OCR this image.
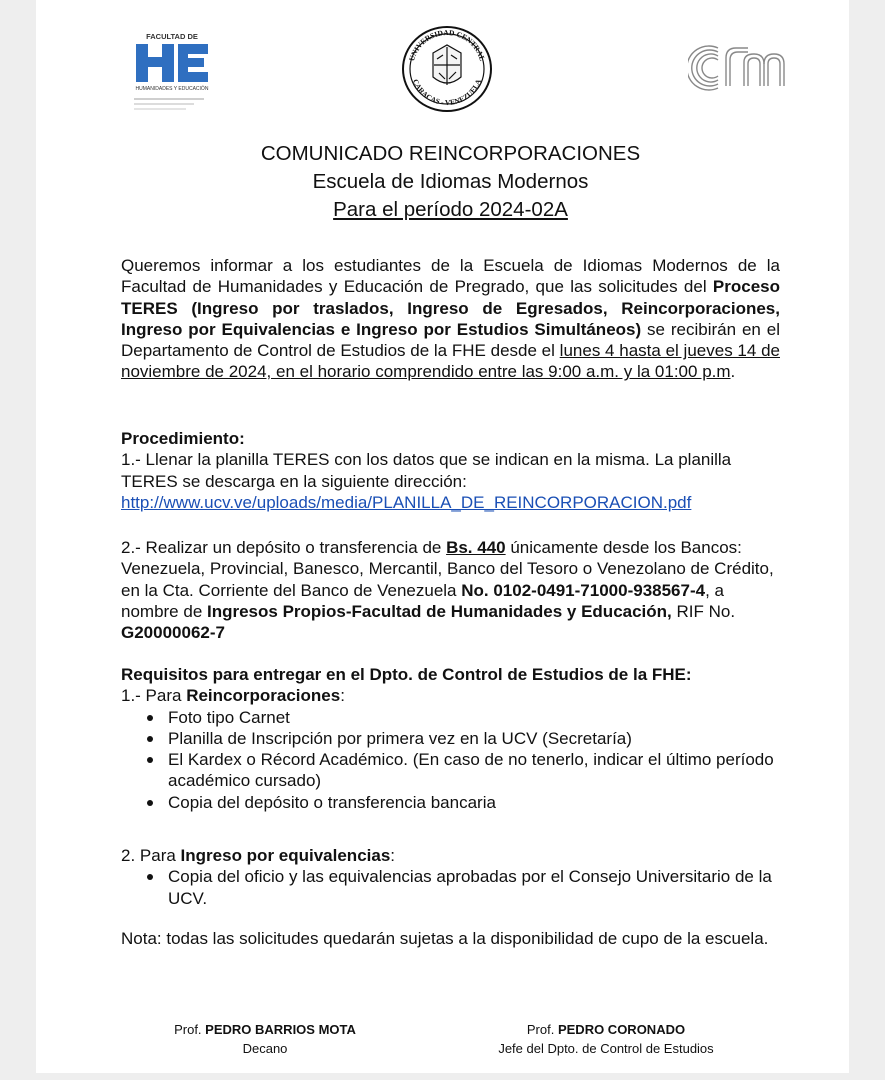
FACULTAD DE
HUMANIDADES Y EDUCACIÓN
UNIVERSIDAD CENTRAL
CARACAS - VENEZUELA
eim
COMUNICADO REINCORPORACIONES
Escuela de Idiomas Modernos
Para el período 2024-02A

Queremos informar a los estudiantes de la Escuela de Idiomas Modernos de la Facultad de Humanidades y Educación de Pregrado, que las solicitudes del Proceso TERES (Ingreso por traslados, Ingreso de Egresados, Reincorporaciones, Ingreso por Equivalencias e Ingreso por Estudios Simultáneos) se recibirán en el Departamento de Control de Estudios de la FHE desde el lunes 4 hasta el jueves 14 de noviembre de 2024, en el horario comprendido entre las 9:00 a.m. y la 01:00 p.m.

Procedimiento:

1.- Llenar la planilla TERES con los datos que se indican en la misma. La planilla TERES se descarga en la siguiente dirección:

http://www.ucv.ve/uploads/media/PLANILLA_DE_REINCORPORACION.pdf

2.- Realizar un depósito o transferencia de Bs. 440 únicamente desde los Bancos: Venezuela, Provincial, Banesco, Mercantil, Banco del Tesoro o Venezolano de Crédito, en la Cta. Corriente del Banco de Venezuela No. 0102-0491-71000-938567-4, a nombre de Ingresos Propios-Facultad de Humanidades y Educación, RIF No. G20000062-7

Requisitos para entregar en el Dpto. de Control de Estudios de la FHE:

1.- Para Reincorporaciones:

Foto tipo Carnet
Planilla de Inscripción por primera vez en la UCV (Secretaría)
El Kardex o Récord Académico. (En caso de no tenerlo, indicar el último período académico cursado)
Copia del depósito o transferencia bancaria

2. Para Ingreso por equivalencias:

Copia del oficio y las equivalencias aprobadas por el Consejo Universitario de la UCV.

Nota: todas las solicitudes quedarán sujetas a la disponibilidad de cupo de la escuela.

Prof. PEDRO BARRIOS MOTA
Decano
Prof. PEDRO CORONADO
Jefe del Dpto. de Control de Estudios
